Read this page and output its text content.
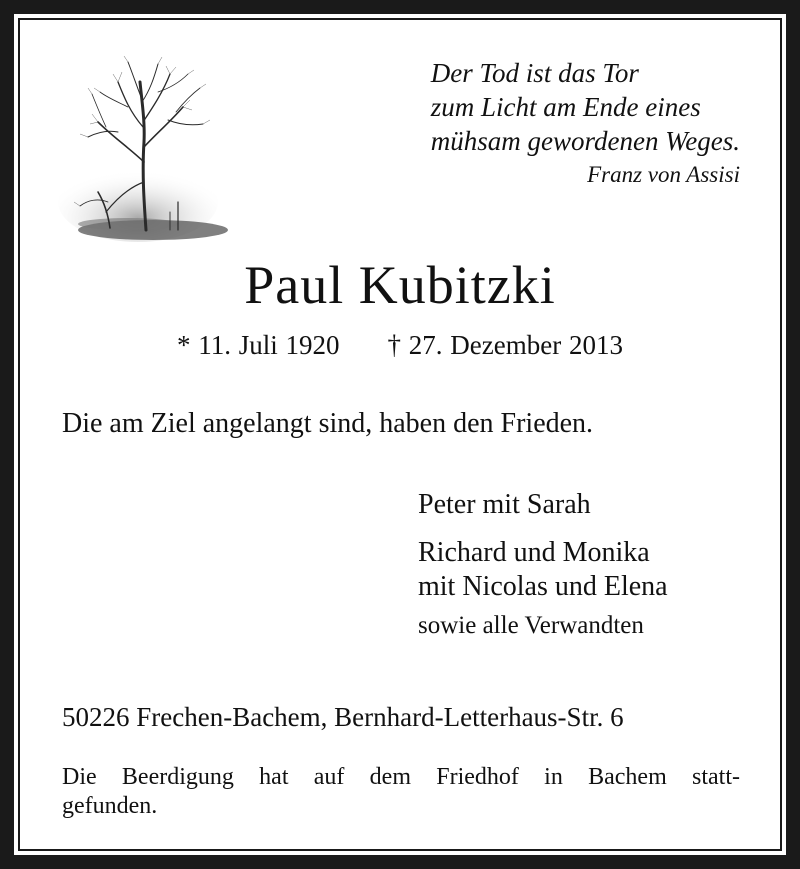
Der Tod ist das Tor
zum Licht am Ende eines
mühsam gewordenen Weges.
Franz von Assisi
Paul Kubitzki
* 11. Juli 1920 † 27. Dezember 2013
Die am Ziel angelangt sind, haben den Frieden.
Peter mit Sarah
Richard und Monika
mit Nicolas und Elena
sowie alle Verwandten
50226 Frechen-Bachem, Bernhard-Letterhaus-Str. 6
Die Beerdigung hat auf dem Friedhof in Bachem statt-
gefunden.
